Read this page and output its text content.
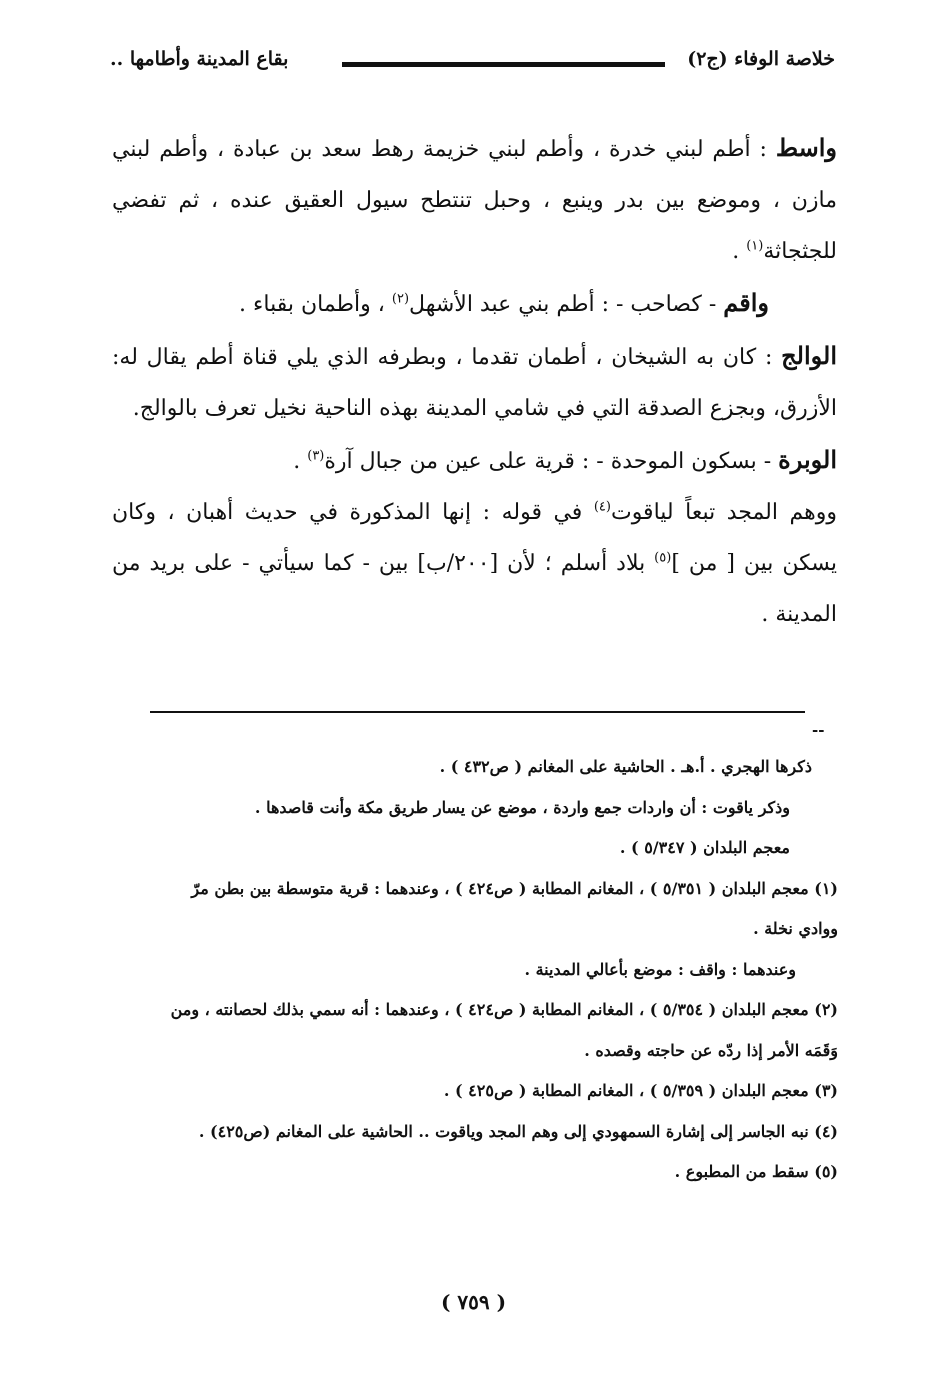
خلاصة الوفاء (ج٢)
بقاع المدينة وأطامها ..

واسط : أطم لبني خدرة ، وأطم لبني خزيمة رهط سعد بن عبادة ، وأطم لبني مازن ، وموضع بين بدر وينبع ، وحبل تنتطح سيول العقيق عنده ، ثم تفضي للجثجاثة$^{(١)}$ .

واقم - كصاحب - : أطم بني عبد الأشهل$^{(٢)}$ ، وأطمان بقباء .

الوالج : كان به الشيخان ، أطمان تقدما ، وبطرفه الذي يلي قناة أطم يقال له: الأزرق، وبجزع الصدقة التي في شامي المدينة بهذه الناحية نخيل تعرف بالوالج.

الوبرة - بسكون الموحدة - : قرية على عين من جبال آرة$^{(٣)}$ .

ووهم المجد تبعاً لياقوت$^{(٤)}$ في قوله : إنها المذكورة في حديث أهبان ، وكان يسكن بين [ من ]$^{(٥)}$ بلاد أسلم ؛ لأن [٢٠٠/ب] بين - كما سيأتي - على بريد من المدينة .

--

ذكرها الهجري . أ.هـ . الحاشية على المغانم ( ص٤٣٢ ) .

وذكر ياقوت : أن واردات جمع واردة ، موضع عن يسار طريق مكة وأنت قاصدها .

معجم البلدان ( ٥/٣٤٧ ) .

(١) معجم البلدان ( ٥/٣٥١ ) ، المغانم المطابة ( ص٤٢٤ ) ، وعندهما : قرية متوسطة بين بطن مرّ ووادي نخلة .

وعندهما : واقف : موضع بأعالي المدينة .

(٢) معجم البلدان ( ٥/٣٥٤ ) ، المغانم المطابة ( ص٤٢٤ ) ، وعندهما : أنه سمي بذلك لحصانته ، ومن وَقَمَه الأمر إذا ردّه عن حاجته وقصده .

(٣) معجم البلدان ( ٥/٣٥٩ ) ، المغانم المطابة ( ص٤٢٥ ) .

(٤) نبه الجاسر إلى إشارة السمهودي إلى وهم المجد وياقوت .. الحاشية على المغانم (ص٤٢٥) .

(٥) سقط من المطبوع .

( ٧٥٩ )
